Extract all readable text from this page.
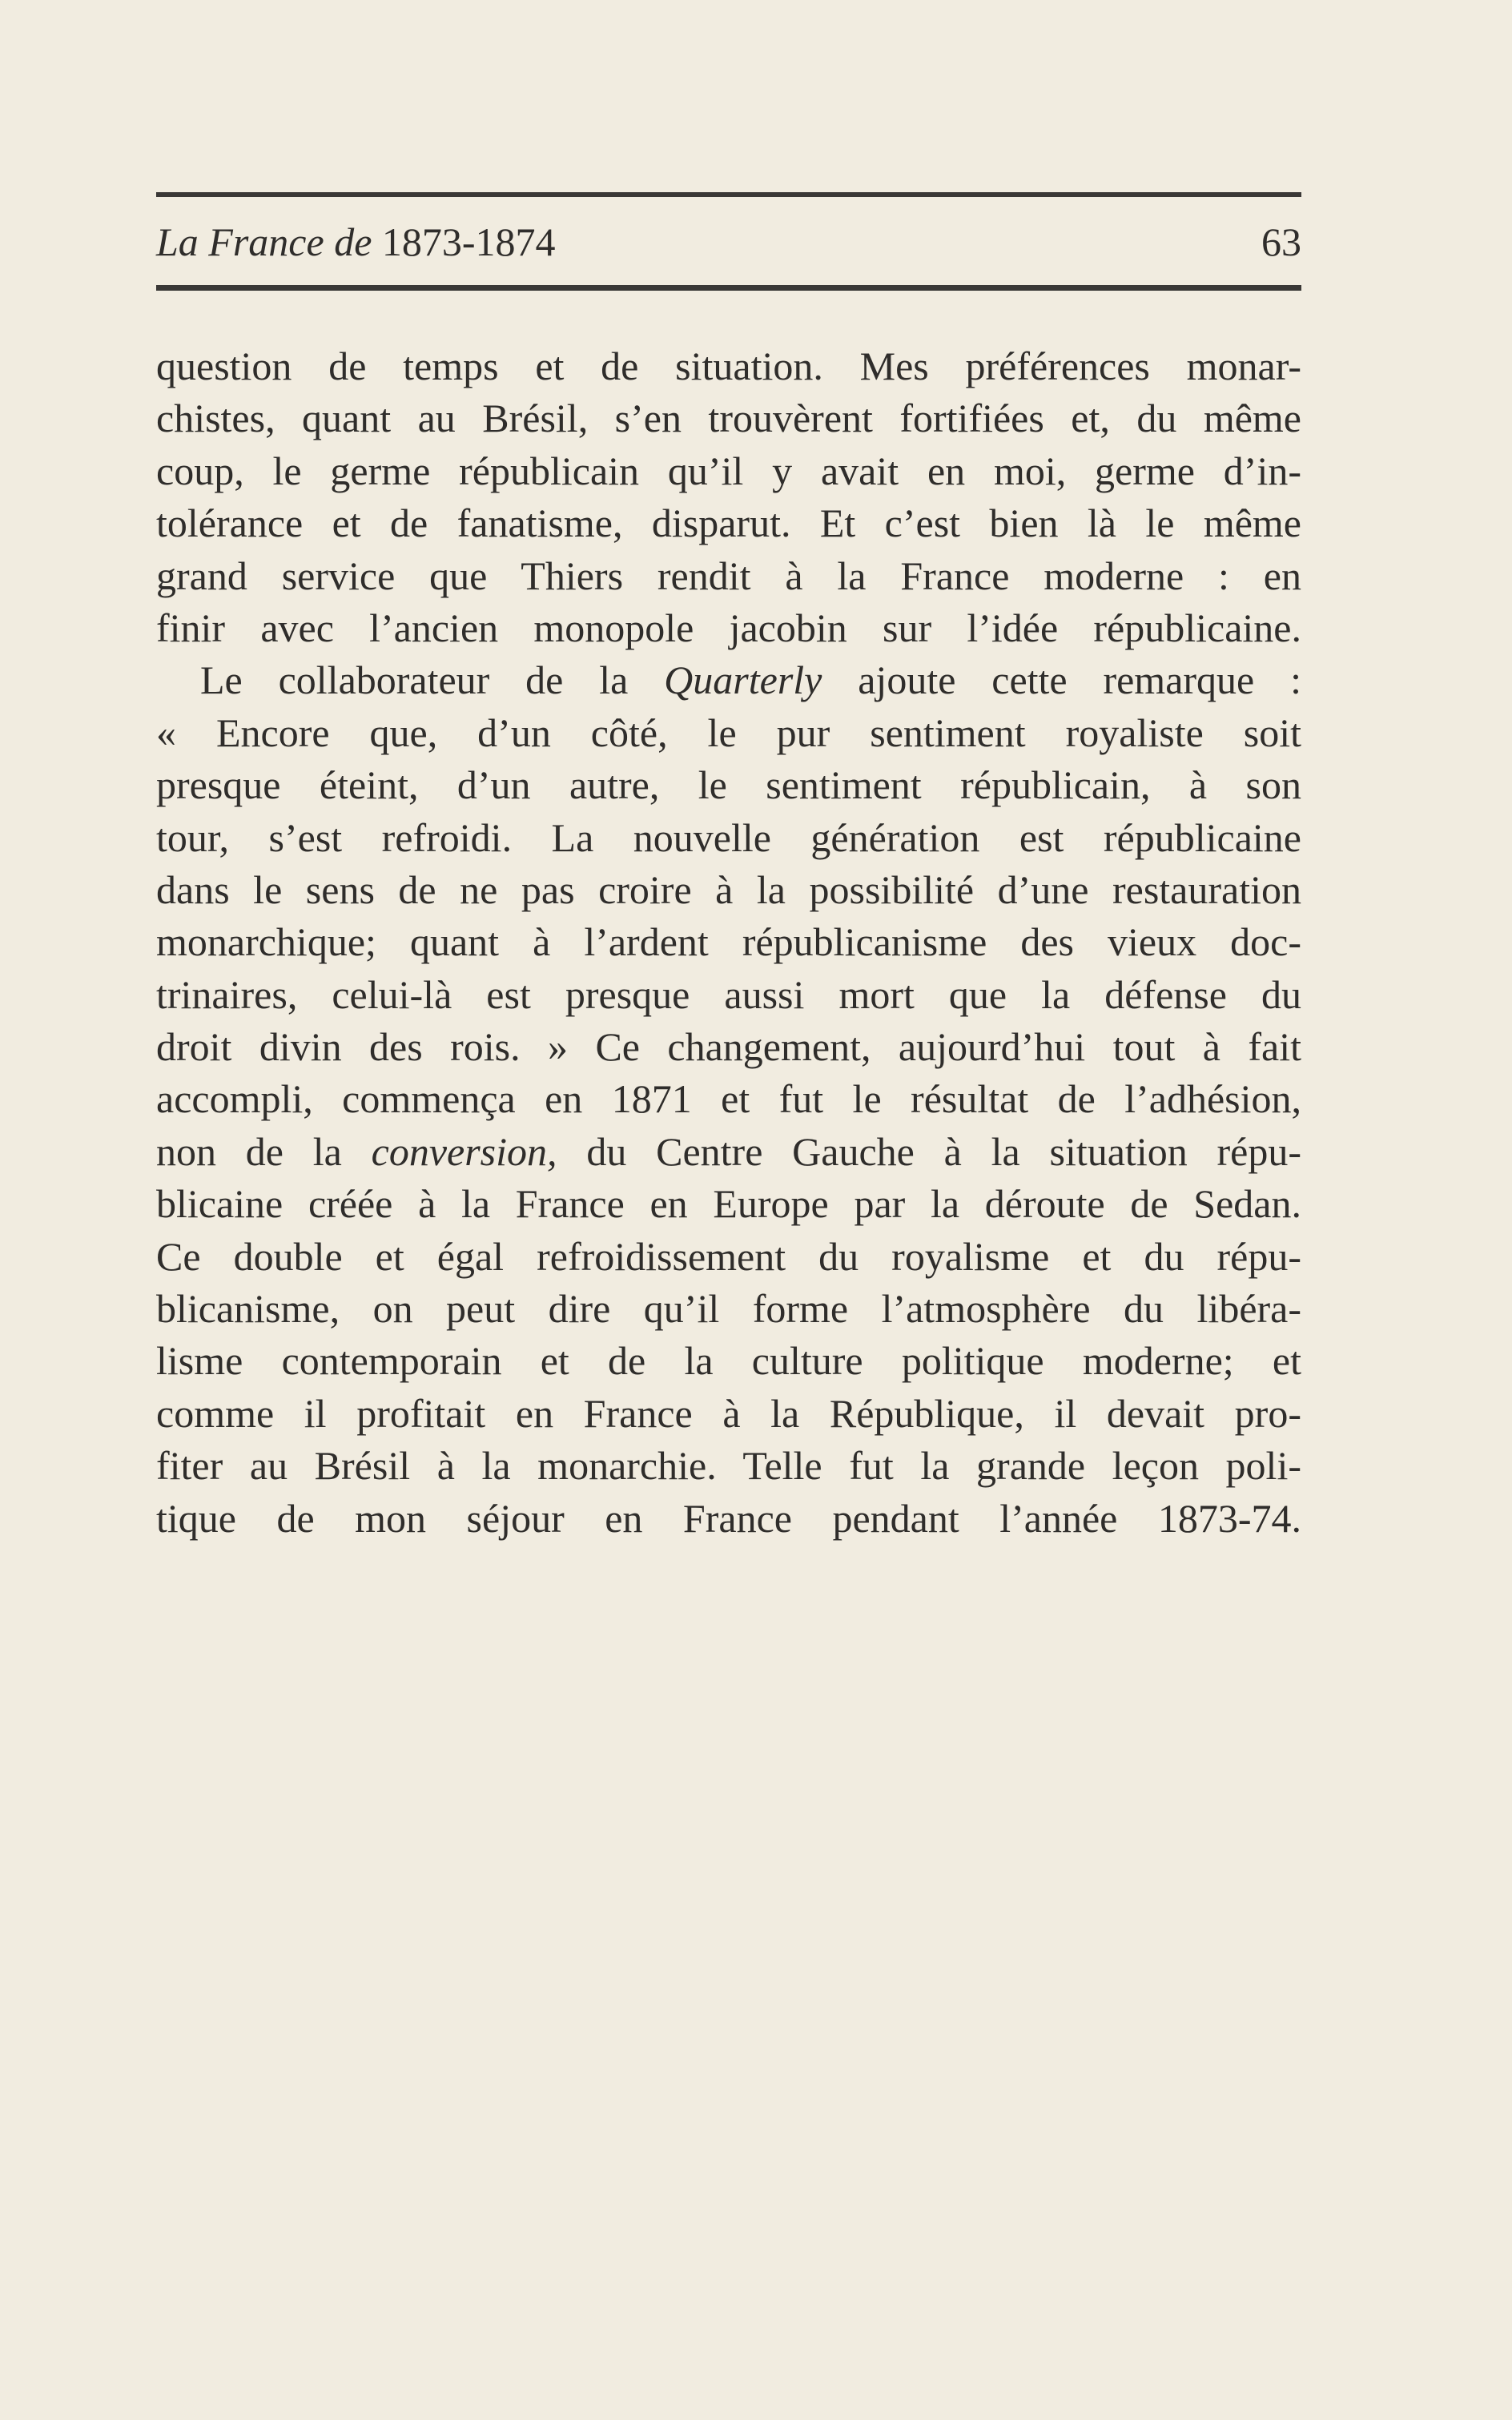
La France de 1873-1874	63
question de temps et de situation. Mes préférences monar-
chistes, quant au Brésil, s’en trouvèrent fortifiées et, du même
coup, le germe républicain qu’il y avait en moi, germe d’in-
tolérance et de fanatisme, disparut. Et c’est bien là le même
grand service que Thiers rendit à la France moderne : en
finir avec l’ancien monopole jacobin sur l’idée républicaine.
Le collaborateur de la Quarterly ajoute cette remarque :
« Encore que, d’un côté, le pur sentiment royaliste soit
presque éteint, d’un autre, le sentiment républicain, à son
tour, s’est refroidi. La nouvelle génération est républicaine
dans le sens de ne pas croire à la possibilité d’une restauration
monarchique; quant à l’ardent républicanisme des vieux doc-
trinaires, celui-là est presque aussi mort que la défense du
droit divin des rois. » Ce changement, aujourd’hui tout à fait
accompli, commença en 1871 et fut le résultat de l’adhésion,
non de la conversion, du Centre Gauche à la situation répu-
blicaine créée à la France en Europe par la déroute de Sedan.
Ce double et égal refroidissement du royalisme et du répu-
blicanisme, on peut dire qu’il forme l’atmosphère du libéra-
lisme contemporain et de la culture politique moderne; et
comme il profitait en France à la République, il devait pro-
fiter au Brésil à la monarchie. Telle fut la grande leçon poli-
tique de mon séjour en France pendant l’année 1873-74.
